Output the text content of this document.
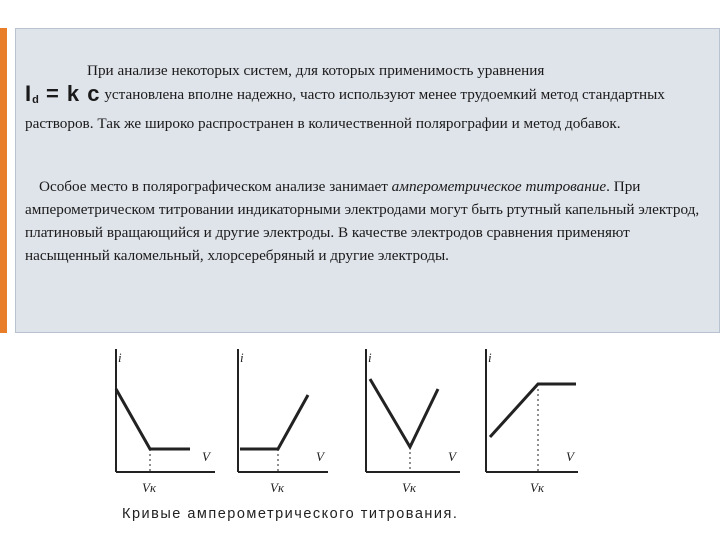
При анализе некоторых систем, для которых применимость уравнения
$I_d = k$ c установлена вполне надежно, часто используют менее трудоемкий метод стандартных растворов. Так же широко распространен в количественной полярографии и метод добавок.

Особое место в полярографическом анализе занимает амперометрическое титрование. При амперометрическом титровании индикаторными электродами могут быть ртутный капельный электрод, платиновый вращающийся и другие электроды. В качестве электродов сравнения применяют насыщенный каломельный, хлорсеребряный и другие электроды.

i
V
Vк
i
V
Vк
i
V
Vк
i
V
Vк
Кривые амперометрического титрования.
